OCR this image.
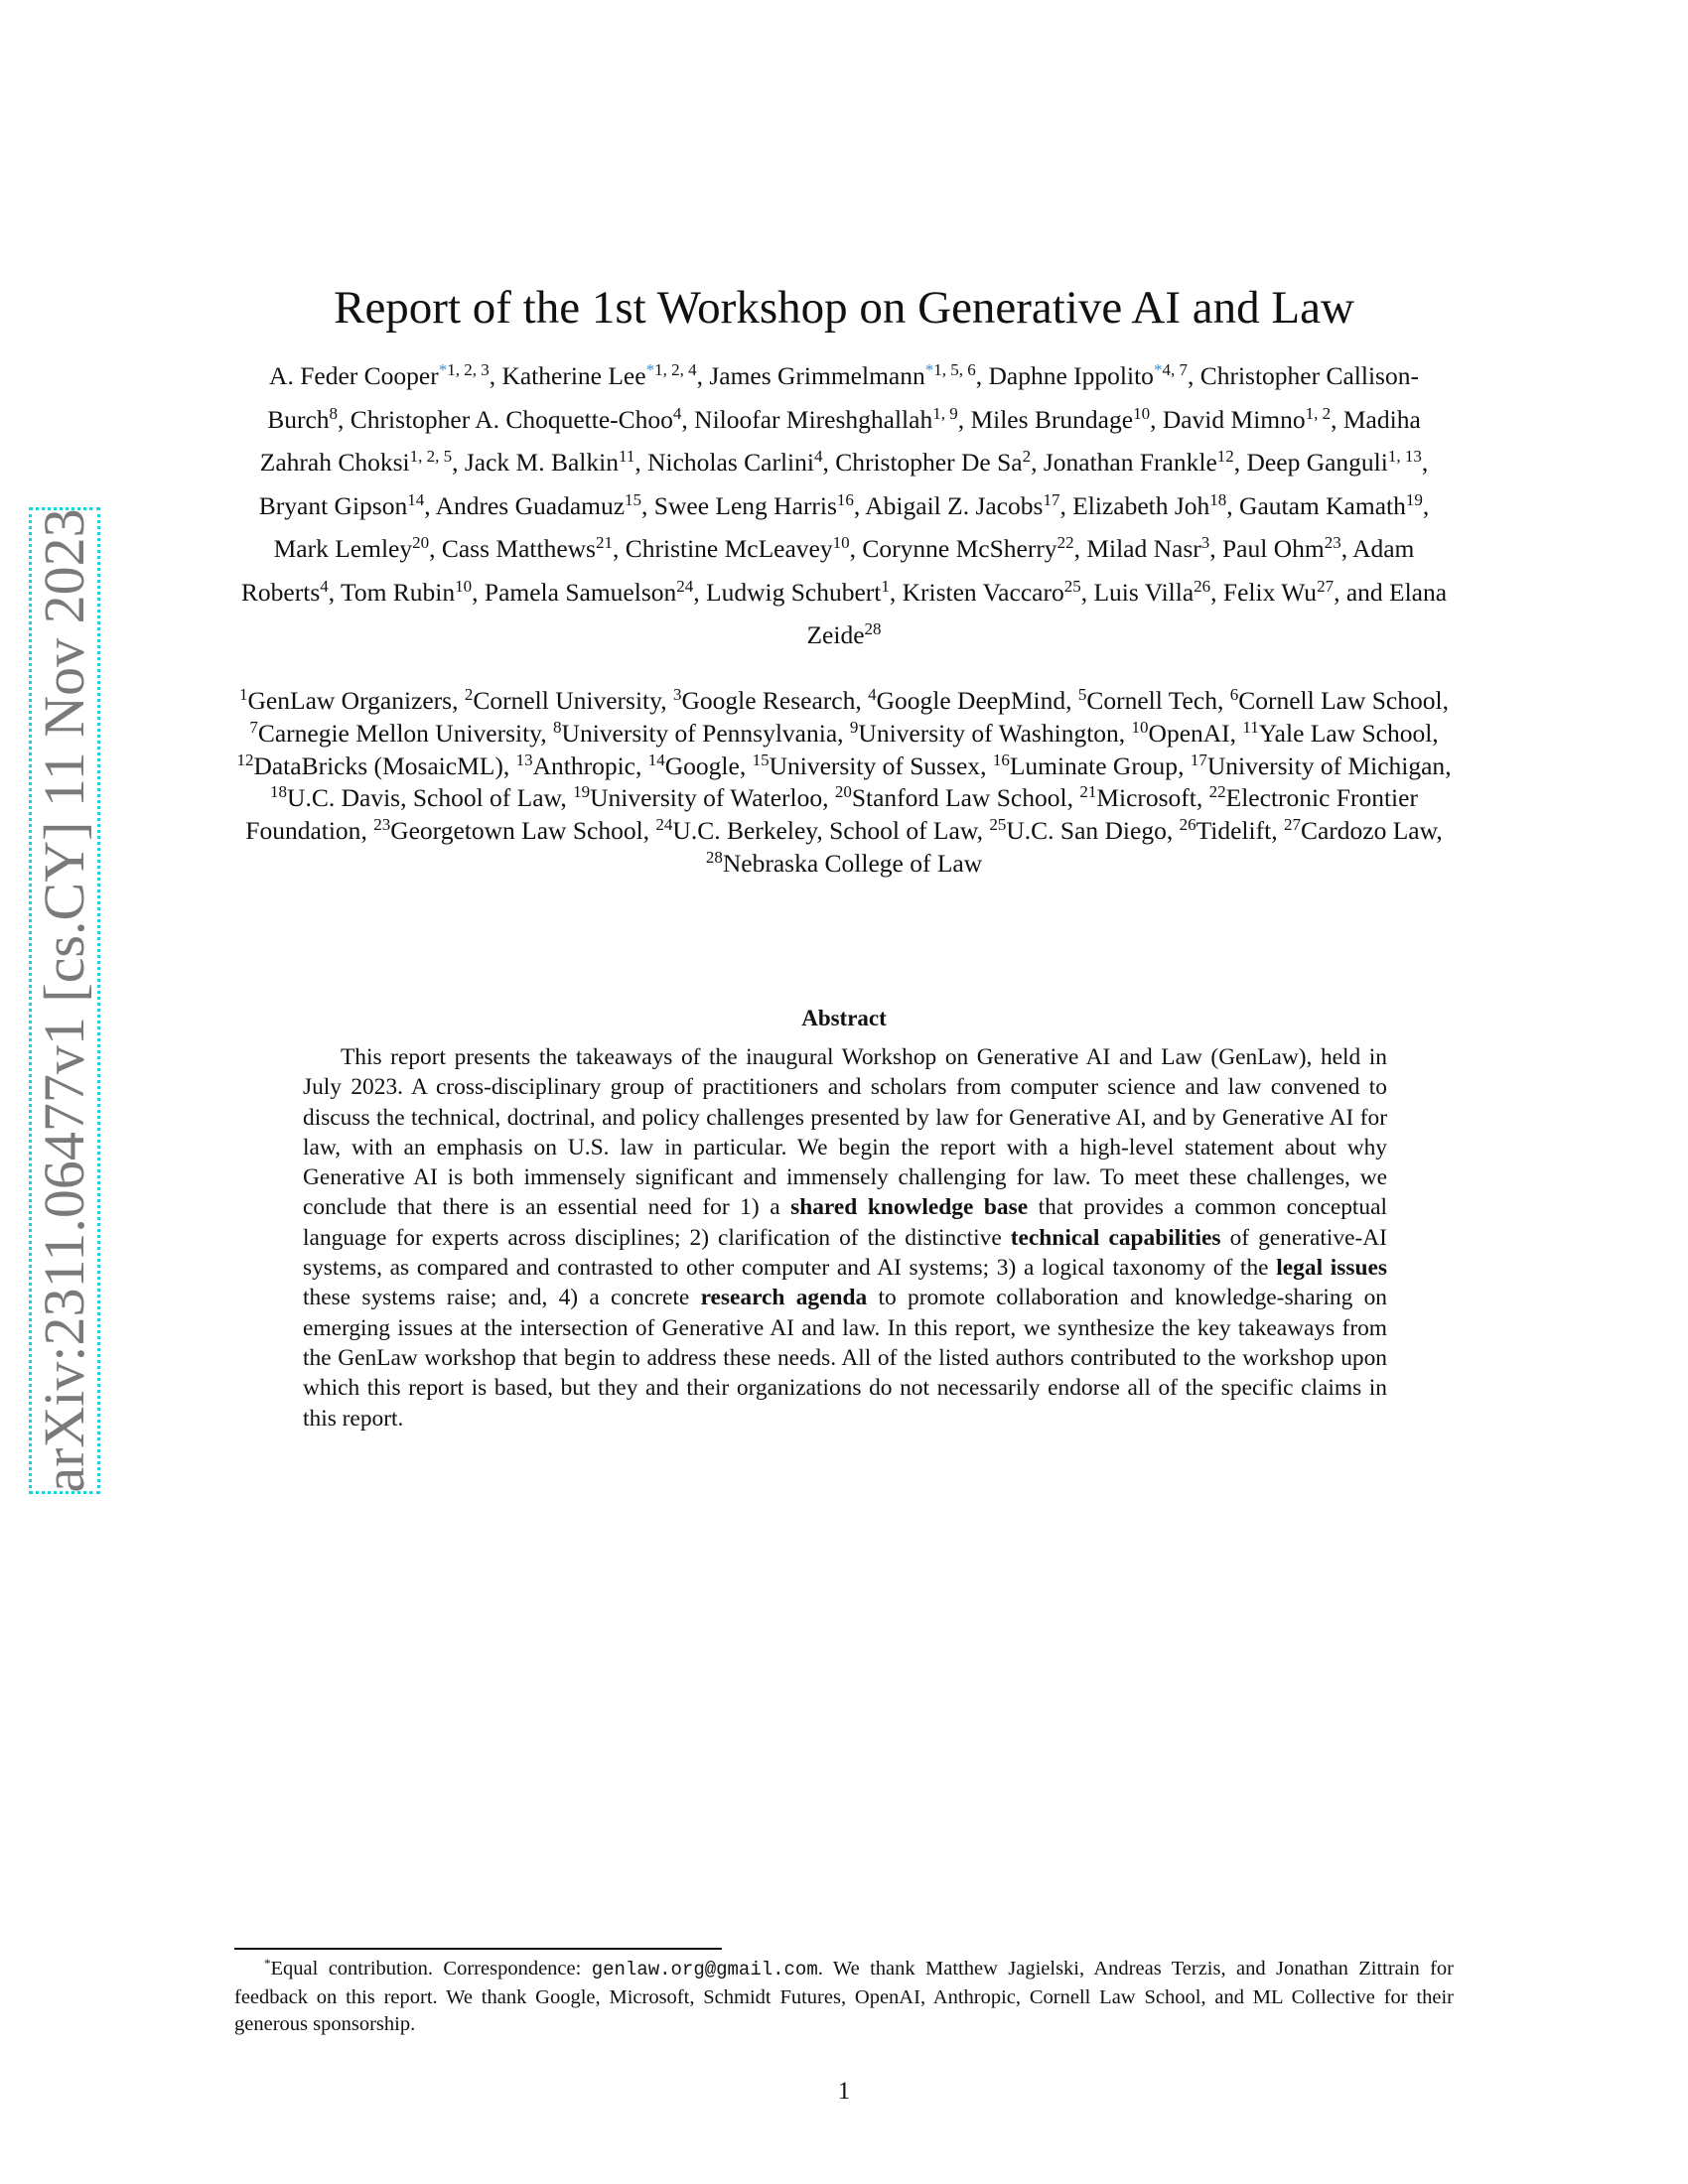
arXiv:2311.06477v1 [cs.CY] 11 Nov 2023
Report of the 1st Workshop on Generative AI and Law
A. Feder Cooper$^{*1, 2, 3}$, Katherine Lee$^{*1, 2, 4}$, James Grimmelmann$^{*1, 5, 6}$, Daphne Ippolito$^{*4, 7}$, Christopher Callison-Burch$^8$, Christopher A. Choquette-Choo$^4$, Niloofar Mireshghallah$^{1, 9}$, Miles Brundage$^{10}$, David Mimno$^{1, 2}$, Madiha Zahrah Choksi$^{1, 2, 5}$, Jack M. Balkin$^{11}$, Nicholas Carlini$^4$, Christopher De Sa$^2$, Jonathan Frankle$^{12}$, Deep Ganguli$^{1, 13}$, Bryant Gipson$^{14}$, Andres Guadamuz$^{15}$, Swee Leng Harris$^{16}$, Abigail Z. Jacobs$^{17}$, Elizabeth Joh$^{18}$, Gautam Kamath$^{19}$, Mark Lemley$^{20}$, Cass Matthews$^{21}$, Christine McLeavey$^{10}$, Corynne McSherry$^{22}$, Milad Nasr$^3$, Paul Ohm$^{23}$, Adam Roberts$^4$, Tom Rubin$^{10}$, Pamela Samuelson$^{24}$, Ludwig Schubert$^1$, Kristen Vaccaro$^{25}$, Luis Villa$^{26}$, Felix Wu$^{27}$, and Elana Zeide$^{28}$
$^1$GenLaw Organizers, $^2$Cornell University, $^3$Google Research, $^4$Google DeepMind, $^5$Cornell Tech, $^6$Cornell Law School, $^7$Carnegie Mellon University, $^8$University of Pennsylvania, $^9$University of Washington, $^{10}$OpenAI, $^{11}$Yale Law School, $^{12}$DataBricks (MosaicML), $^{13}$Anthropic, $^{14}$Google, $^{15}$University of Sussex, $^{16}$Luminate Group, $^{17}$University of Michigan, $^{18}$U.C. Davis, School of Law, $^{19}$University of Waterloo, $^{20}$Stanford Law School, $^{21}$Microsoft, $^{22}$Electronic Frontier Foundation, $^{23}$Georgetown Law School, $^{24}$U.C. Berkeley, School of Law, $^{25}$U.C. San Diego, $^{26}$Tidelift, $^{27}$Cardozo Law, $^{28}$Nebraska College of Law
Abstract
This report presents the takeaways of the inaugural Workshop on Generative AI and Law (GenLaw), held in July 2023. A cross-disciplinary group of practitioners and scholars from computer science and law convened to discuss the technical, doctrinal, and policy challenges presented by law for Generative AI, and by Generative AI for law, with an emphasis on U.S. law in particular. We begin the report with a high-level statement about why Generative AI is both immensely significant and immensely challenging for law. To meet these challenges, we conclude that there is an essential need for 1) a shared knowledge base that provides a common conceptual language for experts across disciplines; 2) clarification of the distinctive technical capabilities of generative-AI systems, as compared and contrasted to other computer and AI systems; 3) a logical taxonomy of the legal issues these systems raise; and, 4) a concrete research agenda to promote collaboration and knowledge-sharing on emerging issues at the intersection of Generative AI and law. In this report, we synthesize the key takeaways from the GenLaw workshop that begin to address these needs. All of the listed authors contributed to the workshop upon which this report is based, but they and their organizations do not necessarily endorse all of the specific claims in this report.
*Equal contribution. Correspondence: genlaw.org@gmail.com. We thank Matthew Jagielski, Andreas Terzis, and Jonathan Zittrain for feedback on this report. We thank Google, Microsoft, Schmidt Futures, OpenAI, Anthropic, Cornell Law School, and ML Collective for their generous sponsorship.
1
